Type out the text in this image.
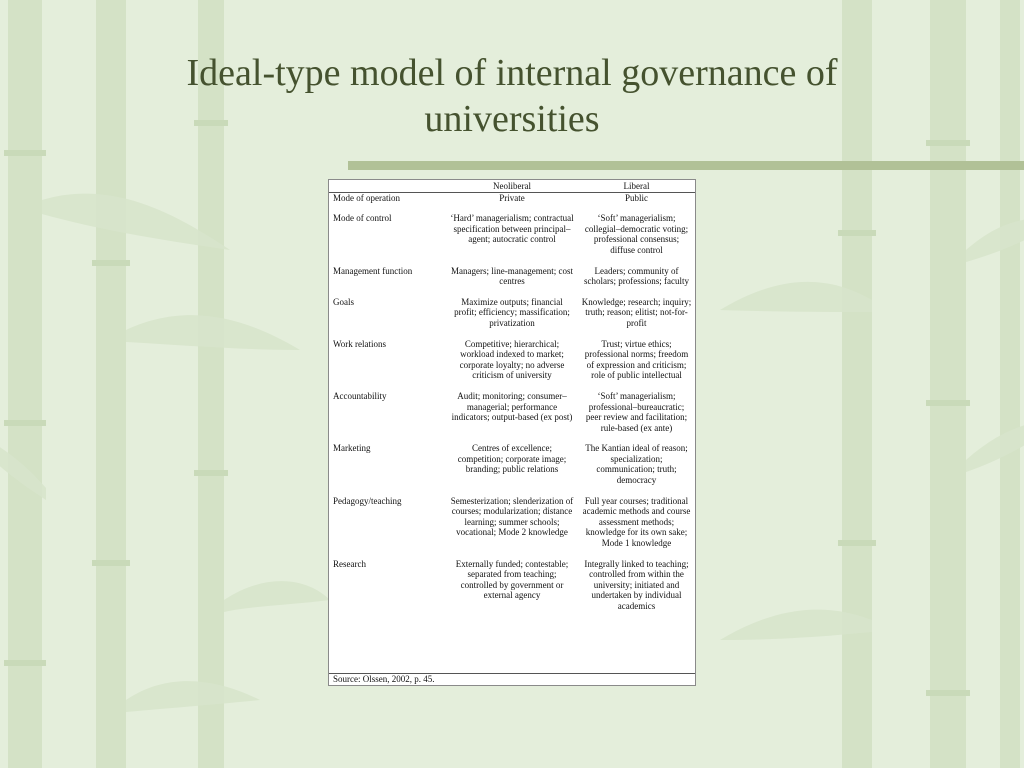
Ideal-type model of internal governance of universities
	Neoliberal	Liberal
Mode of operation	Private	Public
Mode of control	‘Hard’ managerialism; contractual specification between principal–agent; autocratic control	‘Soft’ managerialism; collegial–democratic voting; professional consensus; diffuse control
Management function	Managers; line-management; cost centres	Leaders; community of scholars; professions; faculty
Goals	Maximize outputs; financial profit; efficiency; massification; privatization	Knowledge; research; inquiry; truth; reason; elitist; not-for-profit
Work relations	Competitive; hierarchical; workload indexed to market; corporate loyalty; no adverse criticism of university	Trust; virtue ethics; professional norms; freedom of expression and criticism; role of public intellectual
Accountability	Audit; monitoring; consumer–managerial; performance indicators; output-based (ex post)	‘Soft’ managerialism; professional–bureaucratic; peer review and facilitation; rule-based (ex ante)
Marketing	Centres of excellence; competition; corporate image; branding; public relations	The Kantian ideal of reason; specialization; communication; truth; democracy
Pedagogy/teaching	Semesterization; slenderization of courses; modularization; distance learning; summer schools; vocational; Mode 2 knowledge	Full year courses; traditional academic methods and course assessment methods; knowledge for its own sake; Mode 1 knowledge
Research	Externally funded; contestable; separated from teaching; controlled by government or external agency	Integrally linked to teaching; controlled from within the university; initiated and undertaken by individual academics
Source: Olssen, 2002, p. 45.
